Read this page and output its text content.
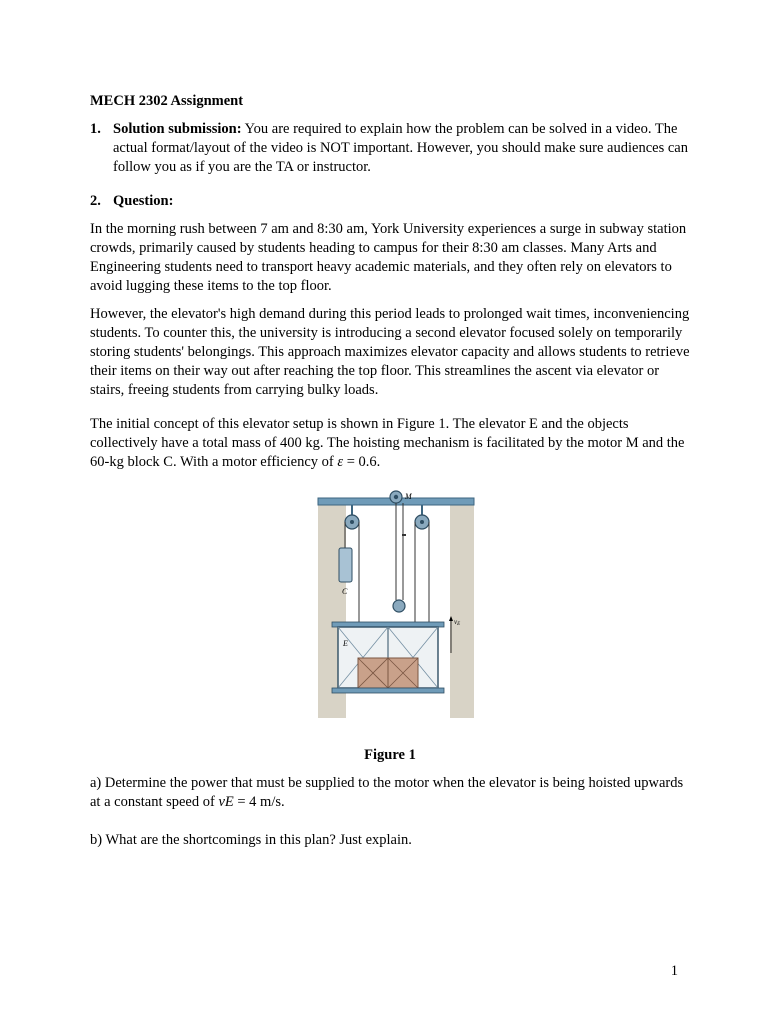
MECH 2302 Assignment
1. Solution submission: You are required to explain how the problem can be solved in a video. The actual format/layout of the video is NOT important. However, you should make sure audiences can follow you as if you are the TA or instructor.
2. Question:

In the morning rush between 7 am and 8:30 am, York University experiences a surge in subway station crowds, primarily caused by students heading to campus for their 8:30 am classes. Many Arts and Engineering students need to transport heavy academic materials, and they often rely on elevators to avoid lugging these items to the top floor.

However, the elevator's high demand during this period leads to prolonged wait times, inconveniencing students. To counter this, the university is introducing a second elevator focused solely on temporarily storing students' belongings. This approach maximizes elevator capacity and allows students to retrieve their items on their way out after reaching the top floor. This streamlines the ascent via elevator or stairs, freeing students from carrying bulky loads.

The initial concept of this elevator setup is shown in Figure 1. The elevator E and the objects collectively have a total mass of 400 kg. The hoisting mechanism is facilitated by the motor M and the 60-kg block C. With a motor efficiency of ε = 0.6.

M
C
E
vE
Figure 1

a) Determine the power that must be supplied to the motor when the elevator is being hoisted upwards at a constant speed of vE = 4 m/s.

b) What are the shortcomings in this plan? Just explain.

1
